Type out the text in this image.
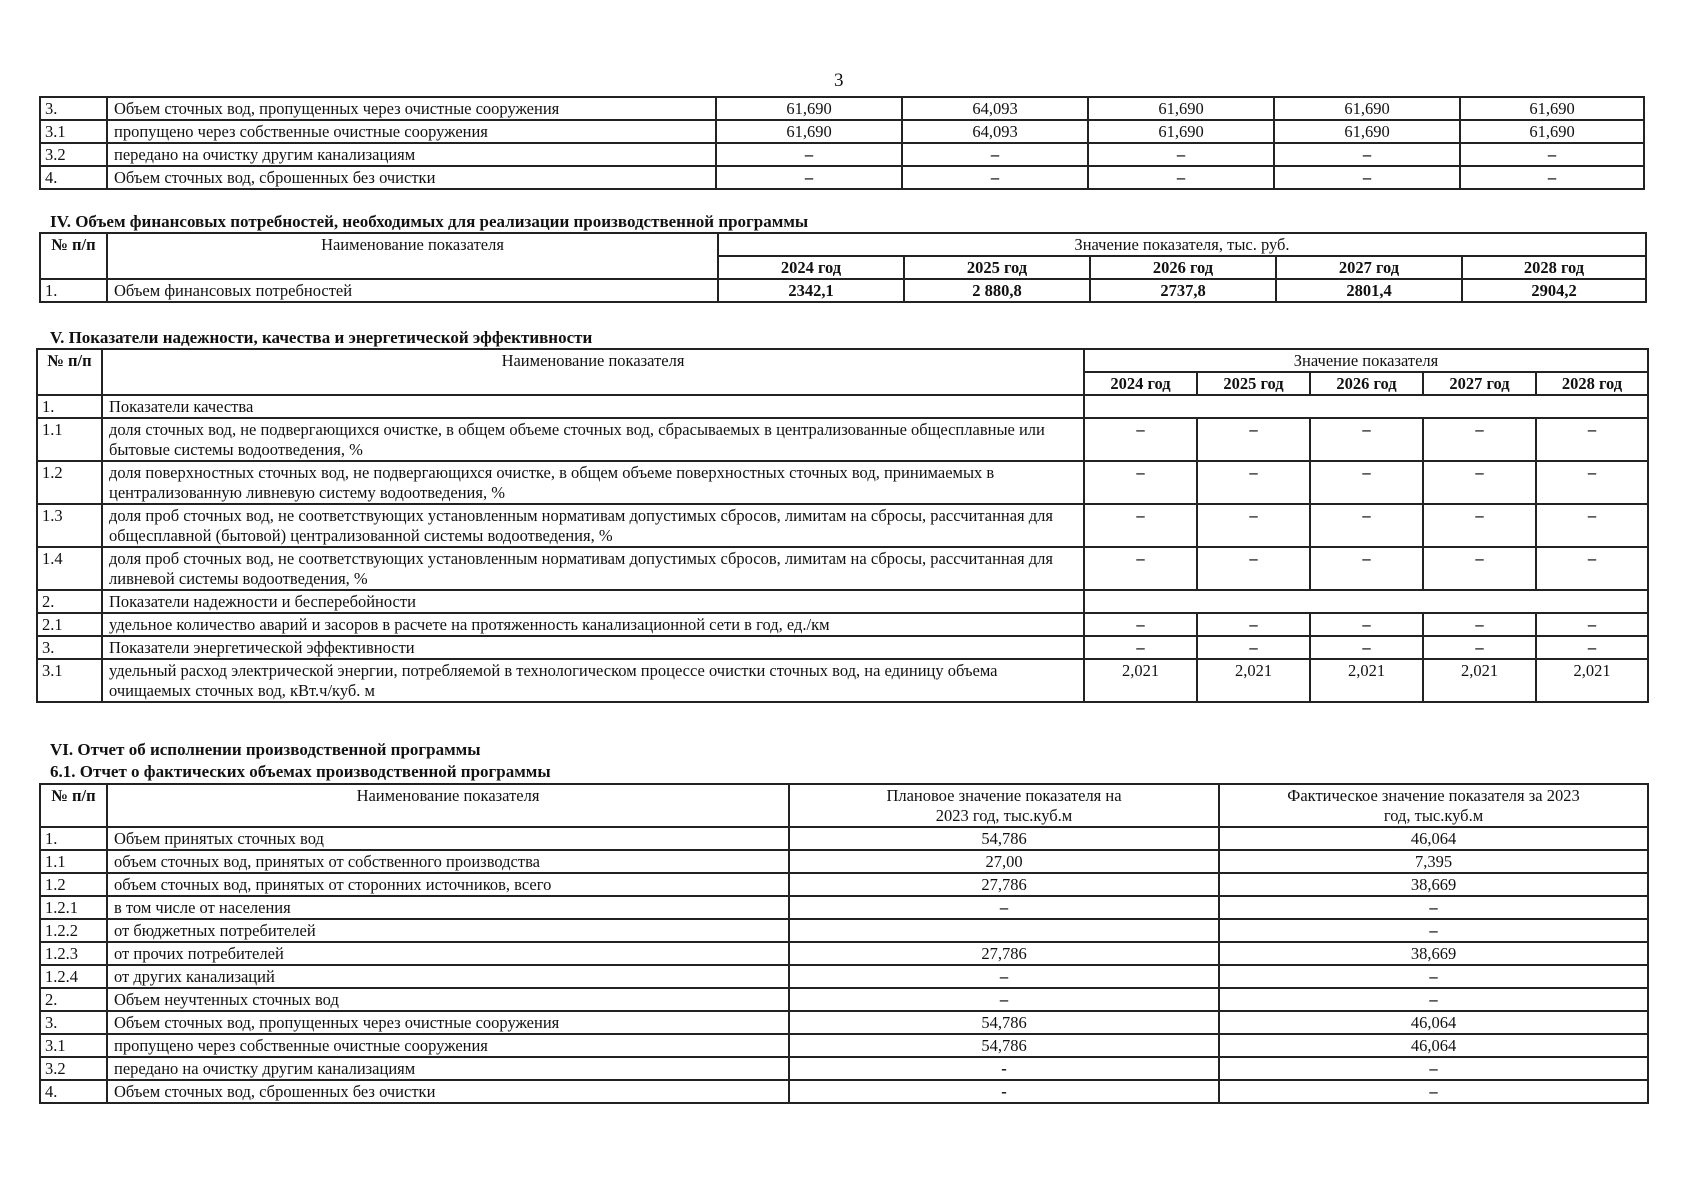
3
3.	Объем сточных вод, пропущенных через очистные сооружения	61,690	64,093	61,690	61,690	61,690
3.1	пропущено через собственные очистные сооружения	61,690	64,093	61,690	61,690	61,690
3.2	передано на очистку другим канализациям	–	–	–	–	–
4.	Объем сточных вод, сброшенных без очистки	–	–	–	–	–
IV. Объем финансовых потребностей, необходимых для реализации производственной программы
№ п/п	Наименование показателя	Значение показателя, тыс. руб.				
		2024 год	2025 год	2026 год	2027 год	2028 год
1.	Объем финансовых потребностей	2342,1	2 880,8	2737,8	2801,4	2904,2
V. Показатели надежности, качества и энергетической эффективности
№ п/п	Наименование показателя	Значение показателя				
		2024 год	2025 год	2026 год	2027 год	2028 год
1.	Показатели качества					
1.1	доля сточных вод, не подвергающихся очистке, в общем объеме сточных вод, сбрасываемых в централизованные общесплавные или бытовые системы водоотведения, %	–	–	–	–	–
1.2	доля поверхностных сточных вод, не подвергающихся очистке, в общем объеме поверхностных сточных вод, принимаемых в централизованную ливневую систему водоотведения, %	–	–	–	–	–
1.3	доля проб сточных вод, не соответствующих установленным нормативам допустимых сбросов, лимитам на сбросы, рассчитанная для общесплавной (бытовой) централизованной системы водоотведения, %	–	–	–	–	–
1.4	доля проб сточных вод, не соответствующих установленным нормативам допустимых сбросов, лимитам на сбросы, рассчитанная для ливневой системы водоотведения, %	–	–	–	–	–
2.	Показатели надежности и бесперебойности					
2.1	удельное количество аварий и засоров в расчете на протяженность канализационной сети в год, ед./км	–	–	–	–	–
3.	Показатели энергетической эффективности	–	–	–	–	–
3.1	удельный расход электрической энергии, потребляемой в технологическом процессе очистки сточных вод, на единицу объема очищаемых сточных вод, кВт.ч/куб. м	2,021	2,021	2,021	2,021	2,021
VI. Отчет об исполнении производственной программы
6.1. Отчет о фактических объемах производственной программы
№ п/п	Наименование показателя	Плановое значение показателя на 2023 год, тыс.куб.м	Фактическое значение показателя за 2023 год, тыс.куб.м
1.	Объем принятых сточных вод	54,786	46,064
1.1	объем сточных вод, принятых от собственного производства	27,00	7,395
1.2	объем сточных вод, принятых от сторонних источников, всего	27,786	38,669
1.2.1	в том числе от населения	–	–
1.2.2	от бюджетных потребителей		–
1.2.3	от прочих потребителей	27,786	38,669
1.2.4	от других канализаций	–	–
2.	Объем неучтенных сточных вод	–	–
3.	Объем сточных вод, пропущенных через очистные сооружения	54,786	46,064
3.1	пропущено через собственные очистные сооружения	54,786	46,064
3.2	передано на очистку другим канализациям	-	–
4.	Объем сточных вод, сброшенных без очистки	-	–
